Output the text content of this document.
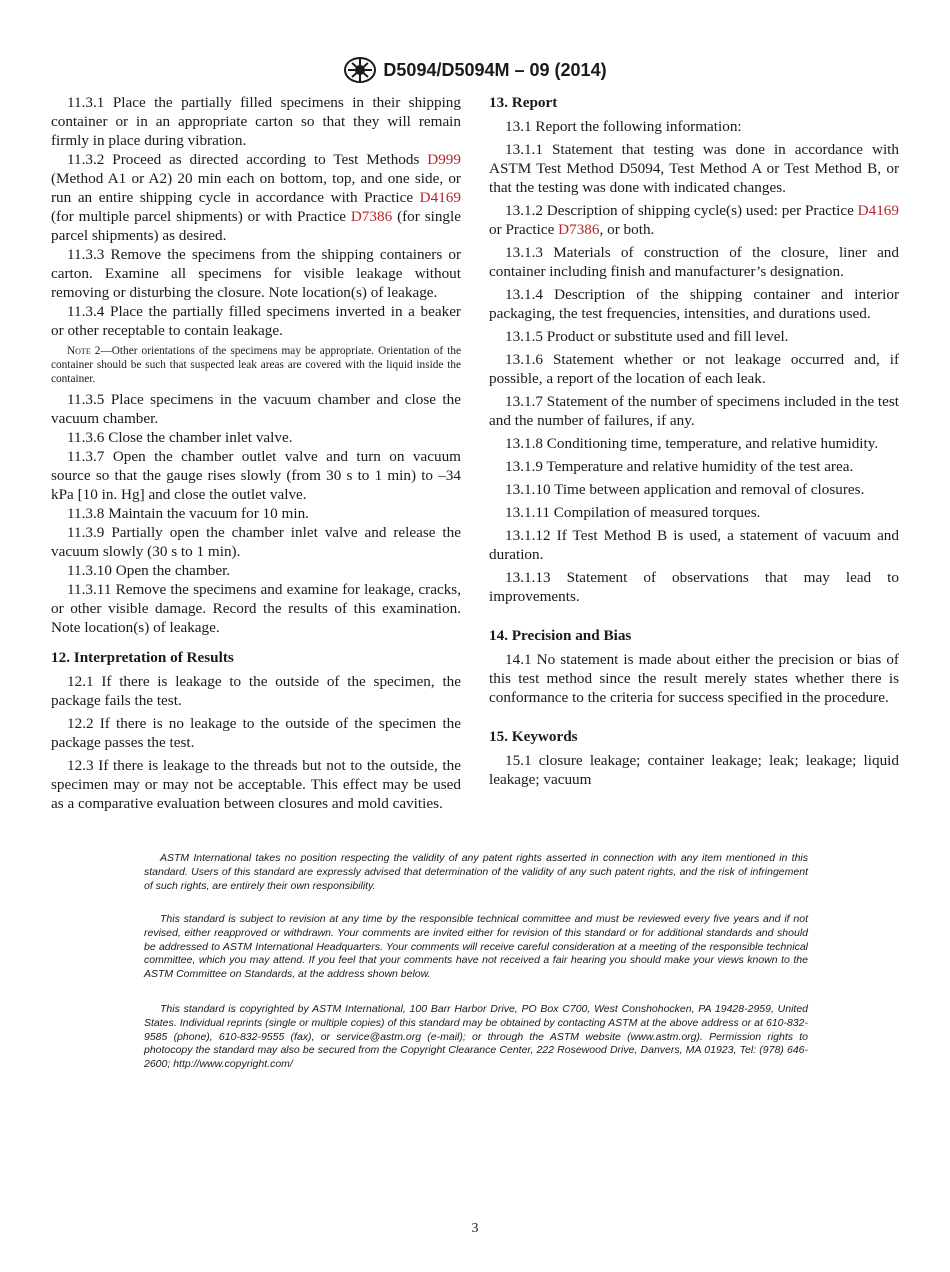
D5094/D5094M – 09 (2014)

11.3.1 Place the partially filled specimens in their shipping container or in an appropriate carton so that they will remain firmly in place during vibration.

11.3.2 Proceed as directed according to Test Methods D999 (Method A1 or A2) 20 min each on bottom, top, and one side, or run an entire shipping cycle in accordance with Practice D4169 (for multiple parcel shipments) or with Practice D7386 (for single parcel shipments) as desired.

11.3.3 Remove the specimens from the shipping containers or carton. Examine all specimens for visible leakage without removing or disturbing the closure. Note location(s) of leakage.

11.3.4 Place the partially filled specimens inverted in a beaker or other receptable to contain leakage.

Note 2—Other orientations of the specimens may be appropriate. Orientation of the container should be such that suspected leak areas are covered with the liquid inside the container.

11.3.5 Place specimens in the vacuum chamber and close the vacuum chamber.

11.3.6 Close the chamber inlet valve.

11.3.7 Open the chamber outlet valve and turn on vacuum source so that the gauge rises slowly (from 30 s to 1 min) to –34 kPa [10 in. Hg] and close the outlet valve.

11.3.8 Maintain the vacuum for 10 min.

11.3.9 Partially open the chamber inlet valve and release the vacuum slowly (30 s to 1 min).

11.3.10 Open the chamber.

11.3.11 Remove the specimens and examine for leakage, cracks, or other visible damage. Record the results of this examination. Note location(s) of leakage.

12. Interpretation of Results

12.1 If there is leakage to the outside of the specimen, the package fails the test.

12.2 If there is no leakage to the outside of the specimen the package passes the test.

12.3 If there is leakage to the threads but not to the outside, the specimen may or may not be acceptable. This effect may be used as a comparative evaluation between closures and mold cavities.

13. Report

13.1 Report the following information:

13.1.1 Statement that testing was done in accordance with ASTM Test Method D5094, Test Method A or Test Method B, or that the testing was done with indicated changes.

13.1.2 Description of shipping cycle(s) used: per Practice D4169 or Practice D7386, or both.

13.1.3 Materials of construction of the closure, liner and container including finish and manufacturer’s designation.

13.1.4 Description of the shipping container and interior packaging, the test frequencies, intensities, and durations used.

13.1.5 Product or substitute used and fill level.

13.1.6 Statement whether or not leakage occurred and, if possible, a report of the location of each leak.

13.1.7 Statement of the number of specimens included in the test and the number of failures, if any.

13.1.8 Conditioning time, temperature, and relative humidity.

13.1.9 Temperature and relative humidity of the test area.

13.1.10 Time between application and removal of closures.

13.1.11 Compilation of measured torques.

13.1.12 If Test Method B is used, a statement of vacuum and duration.

13.1.13 Statement of observations that may lead to improvements.

14. Precision and Bias

14.1 No statement is made about either the precision or bias of this test method since the result merely states whether there is conformance to the criteria for success specified in the procedure.

15. Keywords

15.1 closure leakage; container leakage; leak; leakage; liquid leakage; vacuum

ASTM International takes no position respecting the validity of any patent rights asserted in connection with any item mentioned in this standard. Users of this standard are expressly advised that determination of the validity of any such patent rights, and the risk of infringement of such rights, are entirely their own responsibility.

This standard is subject to revision at any time by the responsible technical committee and must be reviewed every five years and if not revised, either reapproved or withdrawn. Your comments are invited either for revision of this standard or for additional standards and should be addressed to ASTM International Headquarters. Your comments will receive careful consideration at a meeting of the responsible technical committee, which you may attend. If you feel that your comments have not received a fair hearing you should make your views known to the ASTM Committee on Standards, at the address shown below.

This standard is copyrighted by ASTM International, 100 Barr Harbor Drive, PO Box C700, West Conshohocken, PA 19428-2959, United States. Individual reprints (single or multiple copies) of this standard may be obtained by contacting ASTM at the above address or at 610-832-9585 (phone), 610-832-9555 (fax), or service@astm.org (e-mail); or through the ASTM website (www.astm.org). Permission rights to photocopy the standard may also be secured from the Copyright Clearance Center, 222 Rosewood Drive, Danvers, MA 01923, Tel: (978) 646-2600; http://www.copyright.com/

3
